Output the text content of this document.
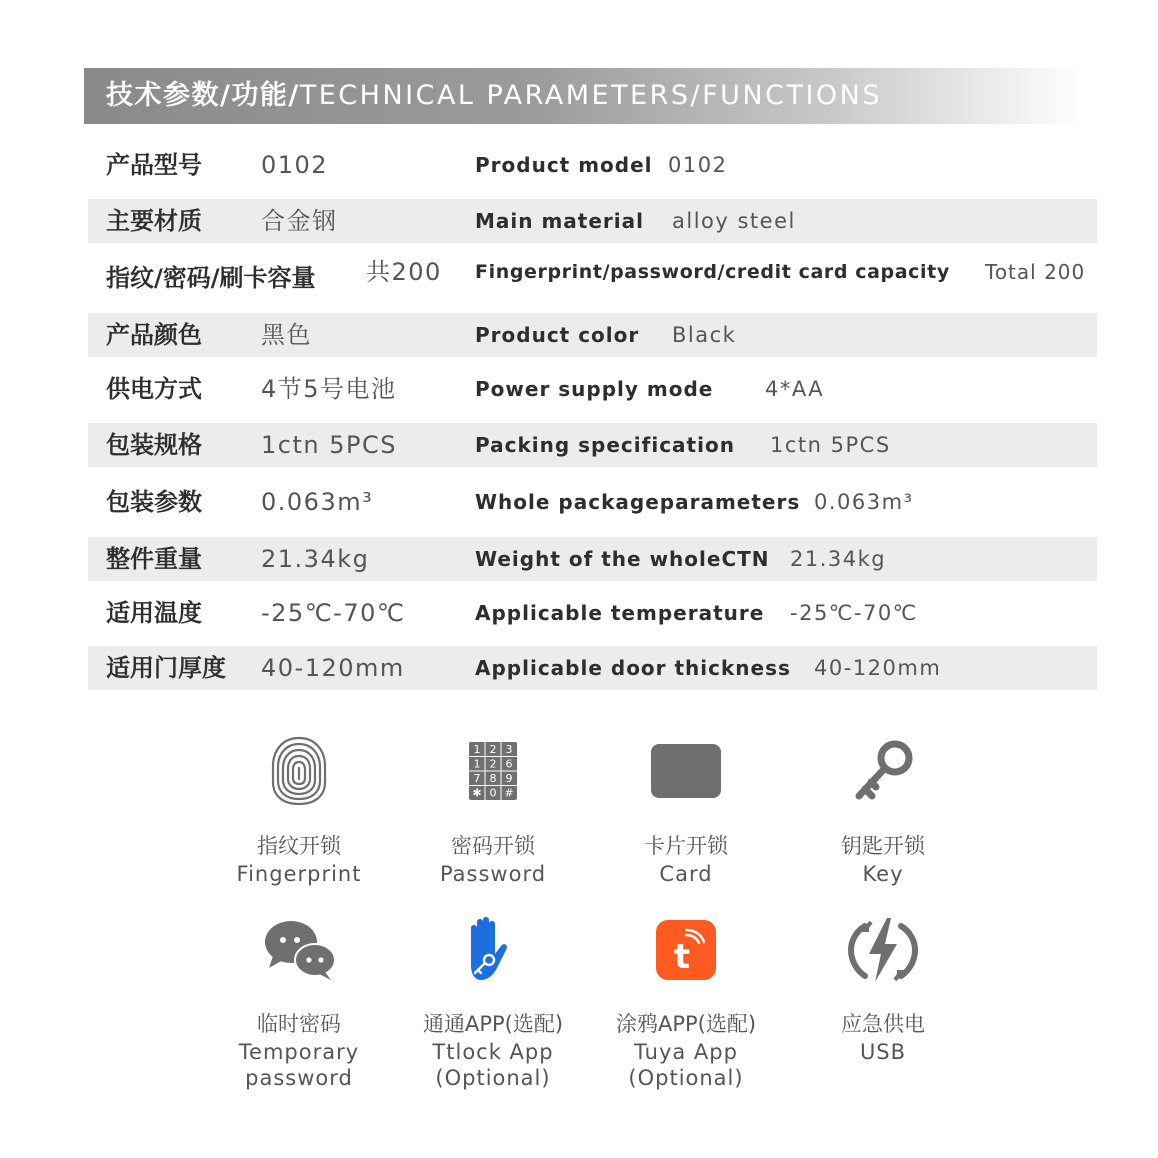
技术参数/功能/TECHNICAL PARAMETERS/FUNCTIONS
产品型号 0102	Product model 0102
主要材质 合金钢	Main material alloy steel
指纹/密码/刷卡容量 共200 Fingerprint/password/credit card capacity Total 200
产品颜色 黑色	Product color Black
供电方式 4节5号电池	Power supply mode 4*AA
包装规格 1ctn 5PCS	Packing specification 1ctn 5PCS
包装参数 0.063m³	Whole packageparameters 0.063m³
整件重量 21.34kg	Weight of the wholeCTN 21.34kg
适用温度 -25℃-70℃	Applicable temperature -25℃-70℃
适用门厚度 40-120mm	Applicable door thickness 40-120mm
指纹开锁
Fingerprint
1 2 3
1 2 6
7 8 9
✱ 0 #
密码开锁
Password
卡片开锁
Card
钥匙开锁
Key
临时密码
Temporary
password
通通APP(选配)
Ttlock App
(Optional)
t
涂鸦APP(选配)
Tuya App
(Optional)
应急供电
USB
